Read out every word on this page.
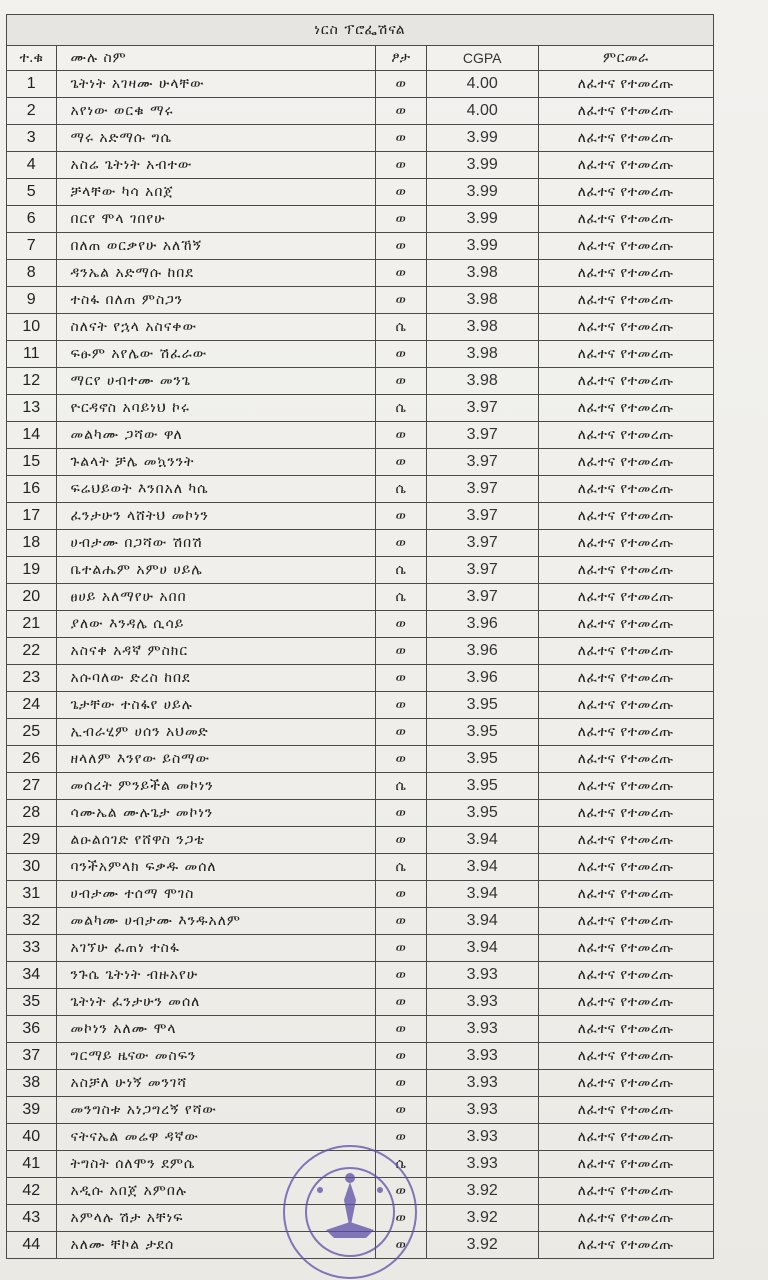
ነርስ ፕሮፌሽናል				
ተ.ቁ	ሙሉ ስም	ፆታ	CGPA	ምርመራ
1	ጌትነት አገዛሙ ሁላቸው	ወ	4.00	ለፈተና የተመረጡ
2	አየነው ወርቁ ማሩ	ወ	4.00	ለፈተና የተመረጡ
3	ማሩ አድማሱ ግሴ	ወ	3.99	ለፈተና የተመረጡ
4	አስሬ ጌትነት አብተው	ወ	3.99	ለፈተና የተመረጡ
5	ቻላቸው ካሳ አበጀ	ወ	3.99	ለፈተና የተመረጡ
6	በርየ ሞላ ገበየሁ	ወ	3.99	ለፈተና የተመረጡ
7	በለጠ ወርቃየሁ አለኸኝ	ወ	3.99	ለፈተና የተመረጡ
8	ዳንኤል አድማሱ ከበደ	ወ	3.98	ለፈተና የተመረጡ
9	ተስፋ በለጠ ምስጋን	ወ	3.98	ለፈተና የተመረጡ
10	ስለናት የኋላ አስናቀው	ሴ	3.98	ለፈተና የተመረጡ
11	ፍፁም አየሌው ሽፈራው	ወ	3.98	ለፈተና የተመረጡ
12	ማርየ ሀብተሙ መንጌ	ወ	3.98	ለፈተና የተመረጡ
13	ዮርዳኖስ አባይነህ ኮሩ	ሴ	3.97	ለፈተና የተመረጡ
14	መልካሙ ጋሻው ዋለ	ወ	3.97	ለፈተና የተመረጡ
15	ጉልላት ቻሌ መኳንንት	ወ	3.97	ለፈተና የተመረጡ
16	ፍሬህይወት እንበአለ ካሴ	ሴ	3.97	ለፈተና የተመረጡ
17	ፈንታሁን ላሸትህ መኮነን	ወ	3.97	ለፈተና የተመረጡ
18	ሀብታሙ በጋሻው ሽበሽ	ወ	3.97	ለፈተና የተመረጡ
19	ቤተልሔም አምሀ ሀይሌ	ሴ	3.97	ለፈተና የተመረጡ
20	ፀሀይ አለማየሁ አበበ	ሴ	3.97	ለፈተና የተመረጡ
21	ያለው እንዳሌ ሲሳይ	ወ	3.96	ለፈተና የተመረጡ
22	አስናቀ አዳኛ ምስክር	ወ	3.96	ለፈተና የተመረጡ
23	አሱባለው ድረስ ከበደ	ወ	3.96	ለፈተና የተመረጡ
24	ጌታቸው ተስፋየ ሀይሉ	ወ	3.95	ለፈተና የተመረጡ
25	ኢብራሂም ሀሰን አህመድ	ወ	3.95	ለፈተና የተመረጡ
26	ዘላለም እንየው ይስማው	ወ	3.95	ለፈተና የተመረጡ
27	መሰረት ምንይችል መኮነን	ሴ	3.95	ለፈተና የተመረጡ
28	ሳሙኤል ሙሉጌታ መኮነን	ወ	3.95	ለፈተና የተመረጡ
29	ልዑልሰገድ የሸዋስ ንጋቴ	ወ	3.94	ለፈተና የተመረጡ
30	ባንችአምላክ ፍቃዱ መሰለ	ሴ	3.94	ለፈተና የተመረጡ
31	ሀብታሙ ተሰማ ሞገስ	ወ	3.94	ለፈተና የተመረጡ
32	መልካሙ ሀብታሙ እንዱአለም	ወ	3.94	ለፈተና የተመረጡ
33	አገኘሁ ፈጠነ ተስፋ	ወ	3.94	ለፈተና የተመረጡ
34	ንጉሴ ጌትነት ብዙአየሁ	ወ	3.93	ለፈተና የተመረጡ
35	ጌትነት ፈንታሁን መሰለ	ወ	3.93	ለፈተና የተመረጡ
36	መኮነን አለሙ ሞላ	ወ	3.93	ለፈተና የተመረጡ
37	ግርማይ ዜናው መስፍን	ወ	3.93	ለፈተና የተመረጡ
38	አስቻለ ሁነኝ መንገሻ	ወ	3.93	ለፈተና የተመረጡ
39	መንግስቱ አነጋግረኝ የሻው	ወ	3.93	ለፈተና የተመረጡ
40	ናትናኤል መሬዋ ዳኛው	ወ	3.93	ለፈተና የተመረጡ
41	ትግስት ሰለሞን ደምሴ	ሴ	3.93	ለፈተና የተመረጡ
42	አዲሱ አበጀ አምበሉ	ወ	3.92	ለፈተና የተመረጡ
43	አምላሉ ሽታ አቸነፍ	ወ	3.92	ለፈተና የተመረጡ
44	አለሙ ቸኮል ታደሰ	ወ	3.92	ለፈተና የተመረጡ
